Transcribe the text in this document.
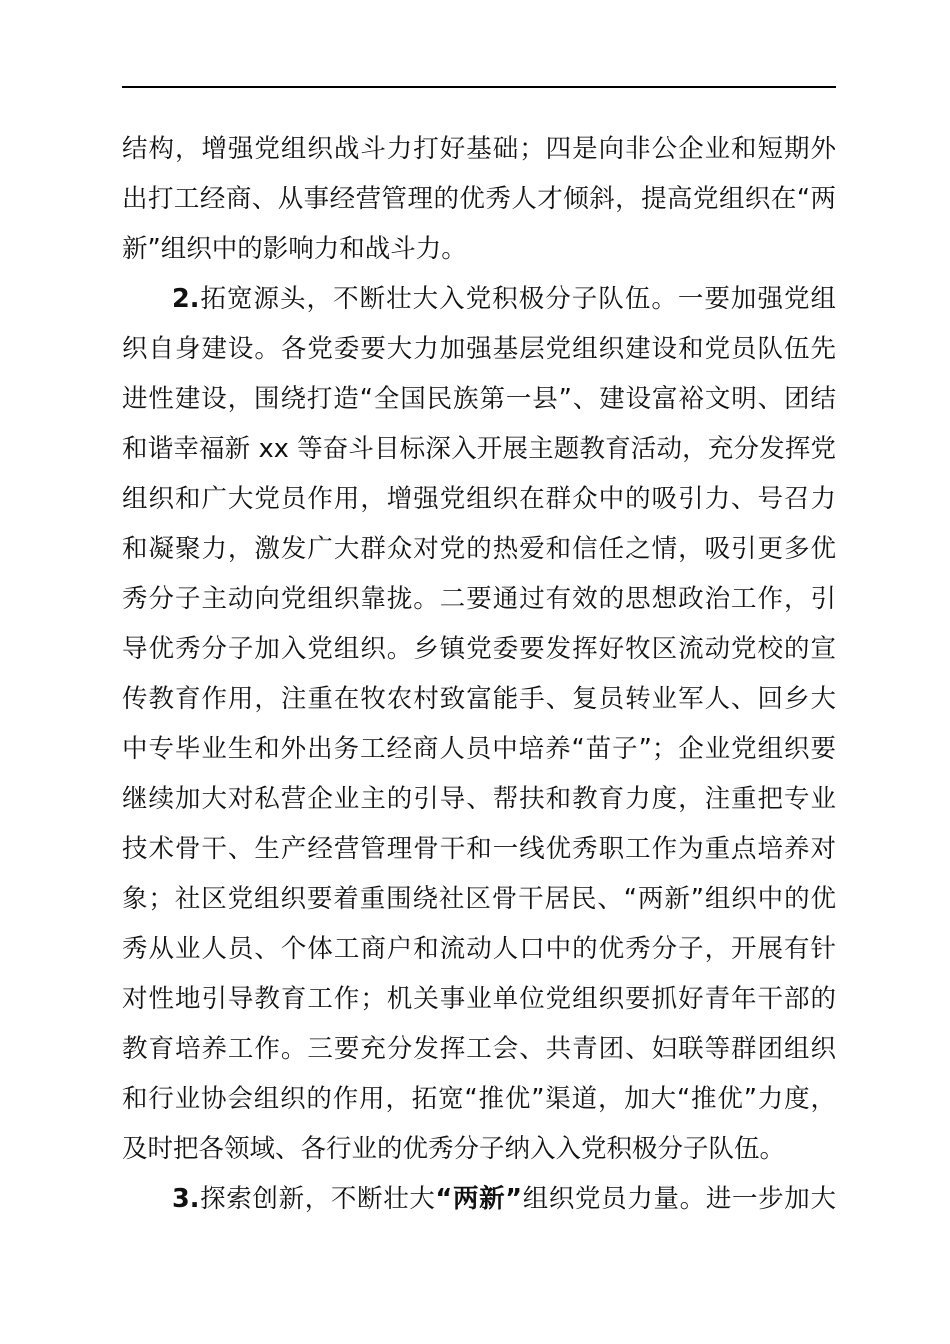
结构，增强党组织战斗力打好基础；四是向非公企业和短期外
出打工经商、从事经营管理的优秀人才倾斜，提高党组织在“两
新”组织中的影响力和战斗力。
2.拓宽源头，不断壮大入党积极分子队伍。一要加强党组
织自身建设。各党委要大力加强基层党组织建设和党员队伍先
进性建设，围绕打造“全国民族第一县”、建设富裕文明、团结
和谐幸福新 xx 等奋斗目标深入开展主题教育活动，充分发挥党
组织和广大党员作用，增强党组织在群众中的吸引力、号召力
和凝聚力，激发广大群众对党的热爱和信任之情，吸引更多优
秀分子主动向党组织靠拢。二要通过有效的思想政治工作，引
导优秀分子加入党组织。乡镇党委要发挥好牧区流动党校的宣
传教育作用，注重在牧农村致富能手、复员转业军人、回乡大
中专毕业生和外出务工经商人员中培养“苗子”；企业党组织要
继续加大对私营企业主的引导、帮扶和教育力度，注重把专业
技术骨干、生产经营管理骨干和一线优秀职工作为重点培养对
象；社区党组织要着重围绕社区骨干居民、“两新”组织中的优
秀从业人员、个体工商户和流动人口中的优秀分子，开展有针
对性地引导教育工作；机关事业单位党组织要抓好青年干部的
教育培养工作。三要充分发挥工会、共青团、妇联等群团组织
和行业协会组织的作用，拓宽“推优”渠道，加大“推优”力度，
及时把各领域、各行业的优秀分子纳入入党积极分子队伍。
3.探索创新，不断壮大“两新”组织党员力量。进一步加大
